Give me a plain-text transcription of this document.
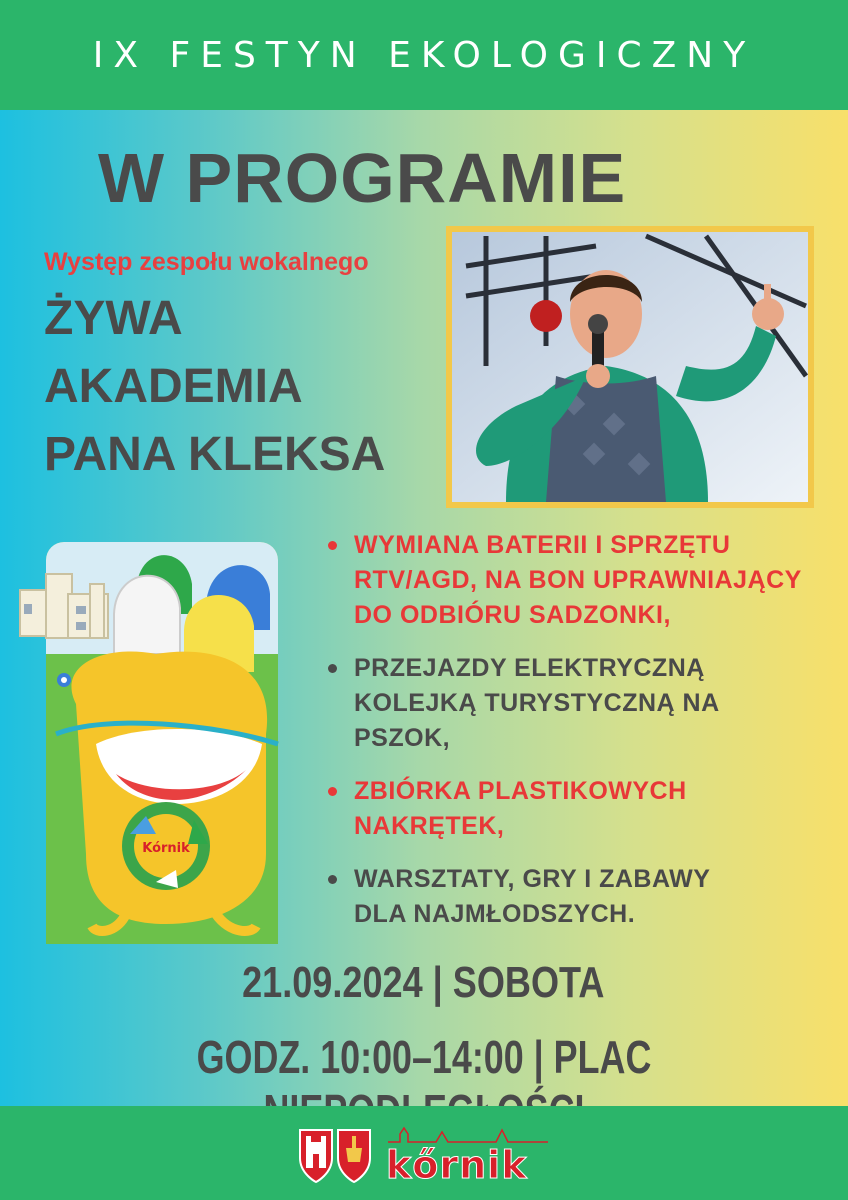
IX FESTYN EKOLOGICZNY
W PROGRAMIE
Występ zespołu wokalnego
ŻYWA
AKADEMIA
PANA KLEKSA
Kórnik
WYMIANA BATERII I SPRZĘTU
RTV/AGD, NA BON UPRAWNIAJĄCY
DO ODBIÓRU SADZONKI,
PRZEJAZDY ELEKTRYCZNĄ
KOLEJKĄ TURYSTYCZNĄ NA
PSZOK,
ZBIÓRKA PLASTIKOWYCH
NAKRĘTEK,
WARSZTATY, GRY I ZABAWY
DLA NAJMŁODSZYCH.
21.09.2024 | SOBOTA
GODZ. 10:00–14:00 | PLAC
kőrnik
